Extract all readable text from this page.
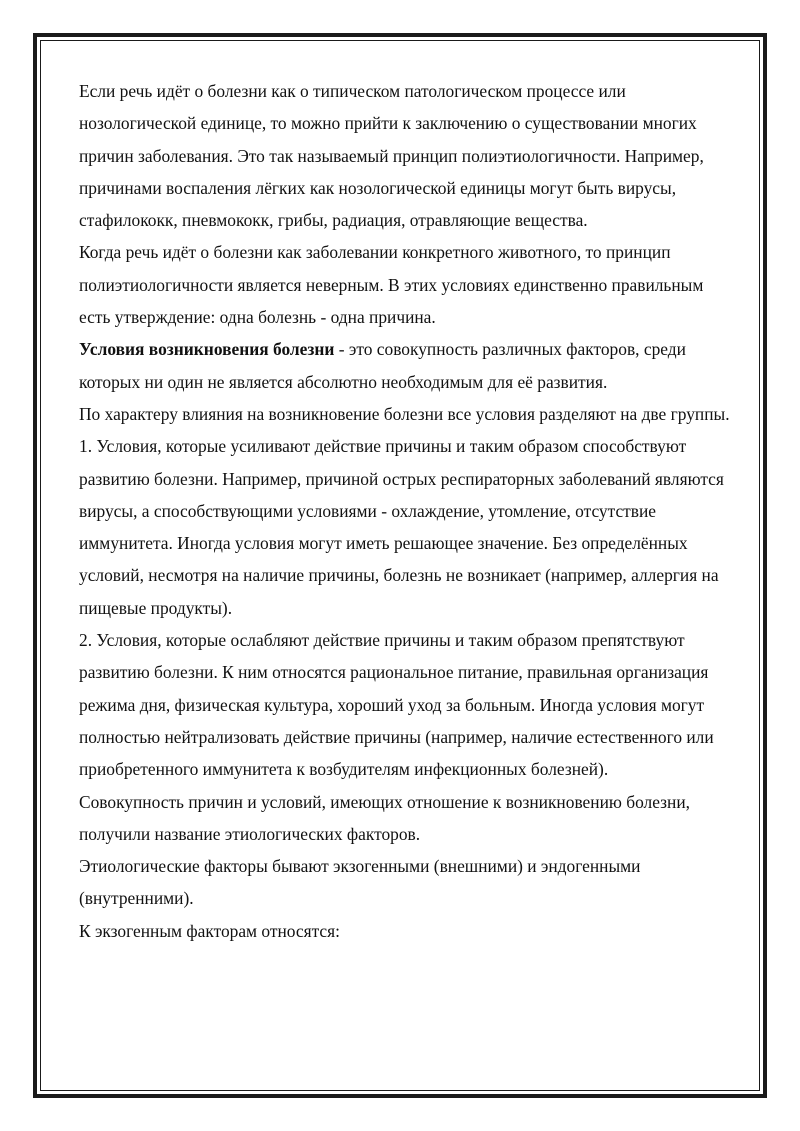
Если речь идёт о болезни как о типическом патологическом процессе или нозологической единице, то можно прийти к заключению о существовании многих причин заболевания. Это так называемый принцип полиэтиологичности. Например, причинами воспаления лёгких как нозологической единицы могут быть вирусы, стафилококк, пневмококк, грибы, радиация, отравляющие вещества.

Когда речь идёт о болезни как заболевании конкретного животного, то принцип полиэтиологичности является неверным. В этих условиях единственно правильным есть утверждение: одна болезнь - одна причина.

Условия возникновения болезни - это совокупность различных факторов, среди которых ни один не является абсолютно необходимым для её развития.

По характеру влияния на возникновение болезни все условия разделяют на две группы.

1. Условия, которые усиливают действие причины и таким образом способствуют развитию болезни. Например, причиной острых респираторных заболеваний являются вирусы, а способствующими условиями - охлаждение, утомление, отсутствие иммунитета. Иногда условия могут иметь решающее значение. Без определённых условий, несмотря на наличие причины, болезнь не возникает (например, аллергия на пищевые продукты).

2. Условия, которые ослабляют действие причины и таким образом препятствуют развитию болезни. К ним относятся рациональное питание, правильная организация режима дня, физическая культура, хороший уход за больным. Иногда условия могут полностью нейтрализовать действие причины (например, наличие естественного или приобретенного иммунитета к возбудителям инфекционных болезней).

Совокупность причин и условий, имеющих отношение к возникновению болезни, получили название этиологических факторов.

Этиологические факторы бывают экзогенными (внешними) и эндогенными (внутренними).

К экзогенным факторам относятся:
